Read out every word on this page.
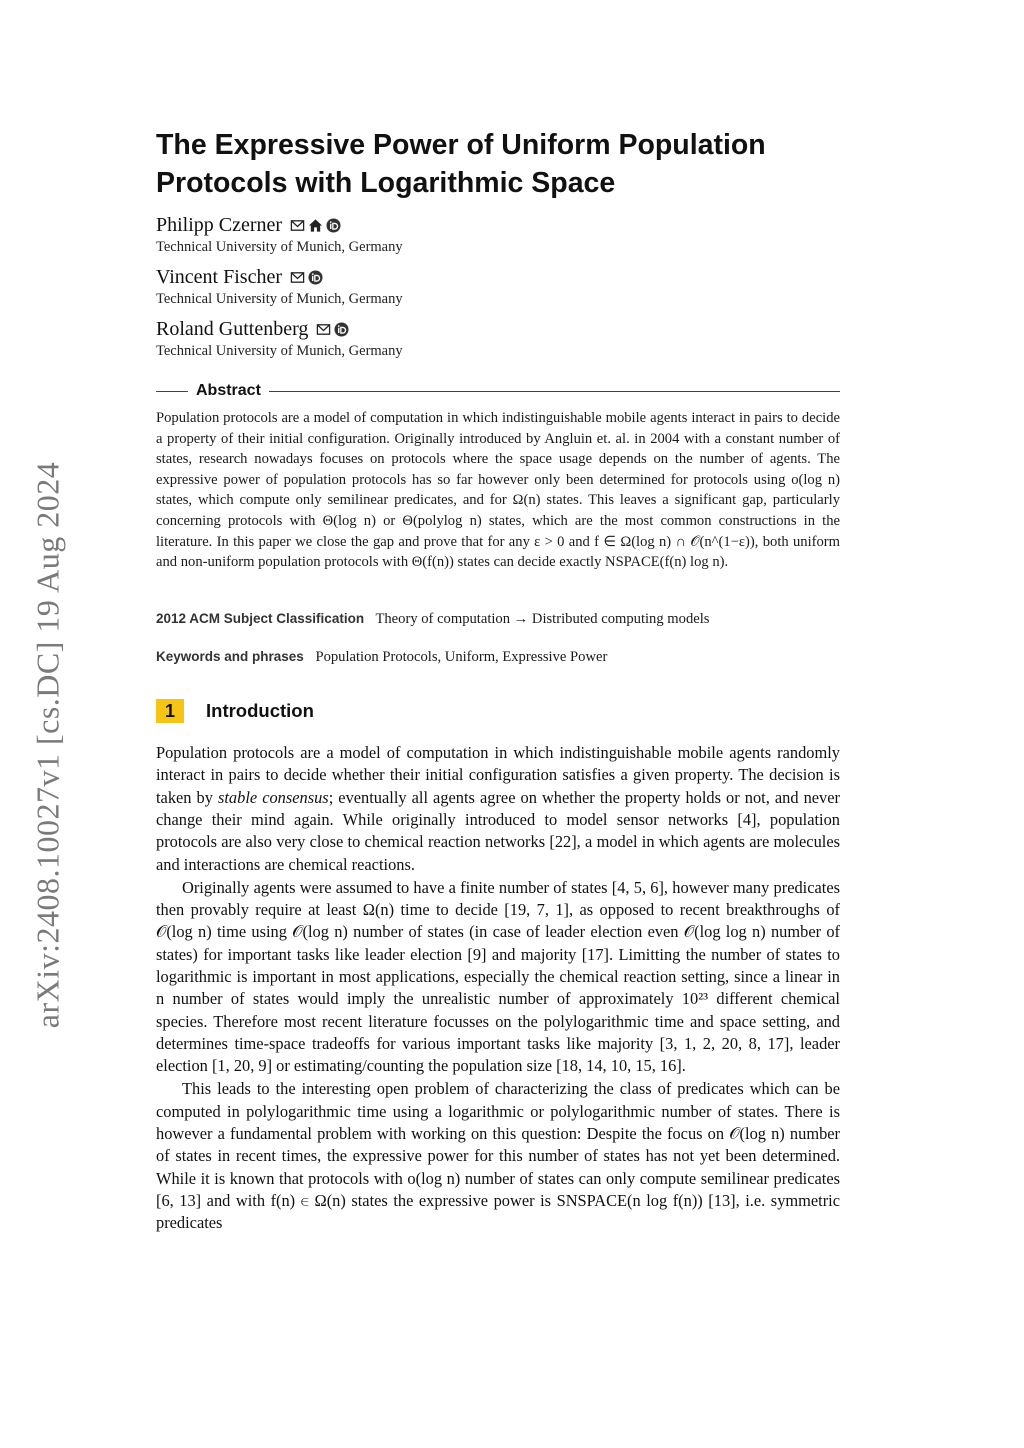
arXiv:2408.10027v1 [cs.DC] 19 Aug 2024
The Expressive Power of Uniform Population
Protocols with Logarithmic Space
Philipp Czerner
Technical University of Munich, Germany
Vincent Fischer
Technical University of Munich, Germany
Roland Guttenberg
Technical University of Munich, Germany
Abstract
Population protocols are a model of computation in which indistinguishable mobile agents interact in pairs to decide a property of their initial configuration. Originally introduced by Angluin et. al. in 2004 with a constant number of states, research nowadays focuses on protocols where the space usage depends on the number of agents. The expressive power of population protocols has so far however only been determined for protocols using o(log n) states, which compute only semilinear predicates, and for Ω(n) states. This leaves a significant gap, particularly concerning protocols with Θ(log n) or Θ(polylog n) states, which are the most common constructions in the literature. In this paper we close the gap and prove that for any ε > 0 and f ∈ Ω(log n) ∩ 𝒪(n^(1−ε)), both uniform and non-uniform population protocols with Θ(f(n)) states can decide exactly NSPACE(f(n) log n).
2012 ACM Subject Classification Theory of computation → Distributed computing models
Keywords and phrases Population Protocols, Uniform, Expressive Power
1	Introduction

Population protocols are a model of computation in which indistinguishable mobile agents randomly interact in pairs to decide whether their initial configuration satisfies a given property. The decision is taken by stable consensus; eventually all agents agree on whether the property holds or not, and never change their mind again. While originally introduced to model sensor networks [4], population protocols are also very close to chemical reaction networks [22], a model in which agents are molecules and interactions are chemical reactions.

Originally agents were assumed to have a finite number of states [4, 5, 6], however many predicates then provably require at least Ω(n) time to decide [19, 7, 1], as opposed to recent breakthroughs of 𝒪(log n) time using 𝒪(log n) number of states (in case of leader election even 𝒪(log log n) number of states) for important tasks like leader election [9] and majority [17]. Limitting the number of states to logarithmic is important in most applications, especially the chemical reaction setting, since a linear in n number of states would imply the unrealistic number of approximately 10²³ different chemical species. Therefore most recent literature focusses on the polylogarithmic time and space setting, and determines time-space tradeoffs for various important tasks like majority [3, 1, 2, 20, 8, 17], leader election [1, 20, 9] or estimating/counting the population size [18, 14, 10, 15, 16].

This leads to the interesting open problem of characterizing the class of predicates which can be computed in polylogarithmic time using a logarithmic or polylogarithmic number of states. There is however a fundamental problem with working on this question: Despite the focus on 𝒪(log n) number of states in recent times, the expressive power for this number of states has not yet been determined. While it is known that protocols with o(log n) number of states can only compute semilinear predicates [6, 13] and with f(n) ∈ Ω(n) states the expressive power is SNSPACE(n log f(n)) [13], i.e. symmetric predicates
